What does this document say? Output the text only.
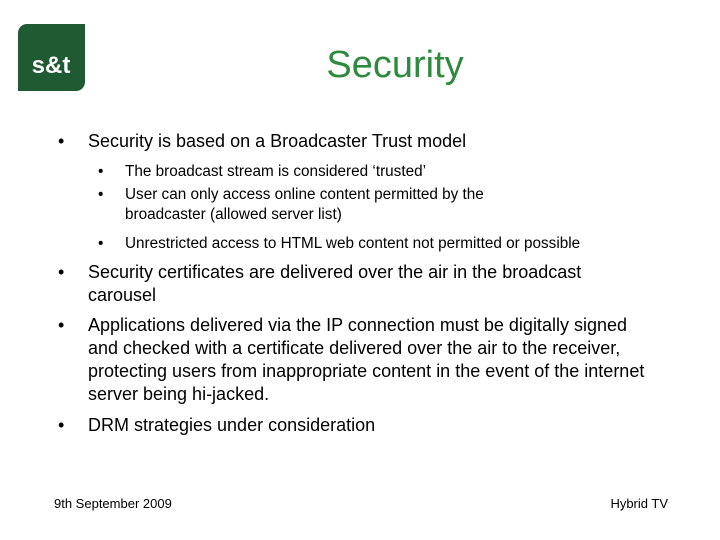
s&t	Security
• Security is based on a Broadcaster Trust model
• The broadcast stream is considered ‘trusted’
• User can only access online content permitted by the broadcaster (allowed server list)
• Unrestricted access to HTML web content not permitted or possible
• Security certificates are delivered over the air in the broadcast carousel
• Applications delivered via the IP connection must be digitally signed and checked with a certificate delivered over the air to the receiver, protecting users from inappropriate content in the event of the internet server being hi-jacked.
• DRM strategies under consideration
9th September 2009	Hybrid TV
